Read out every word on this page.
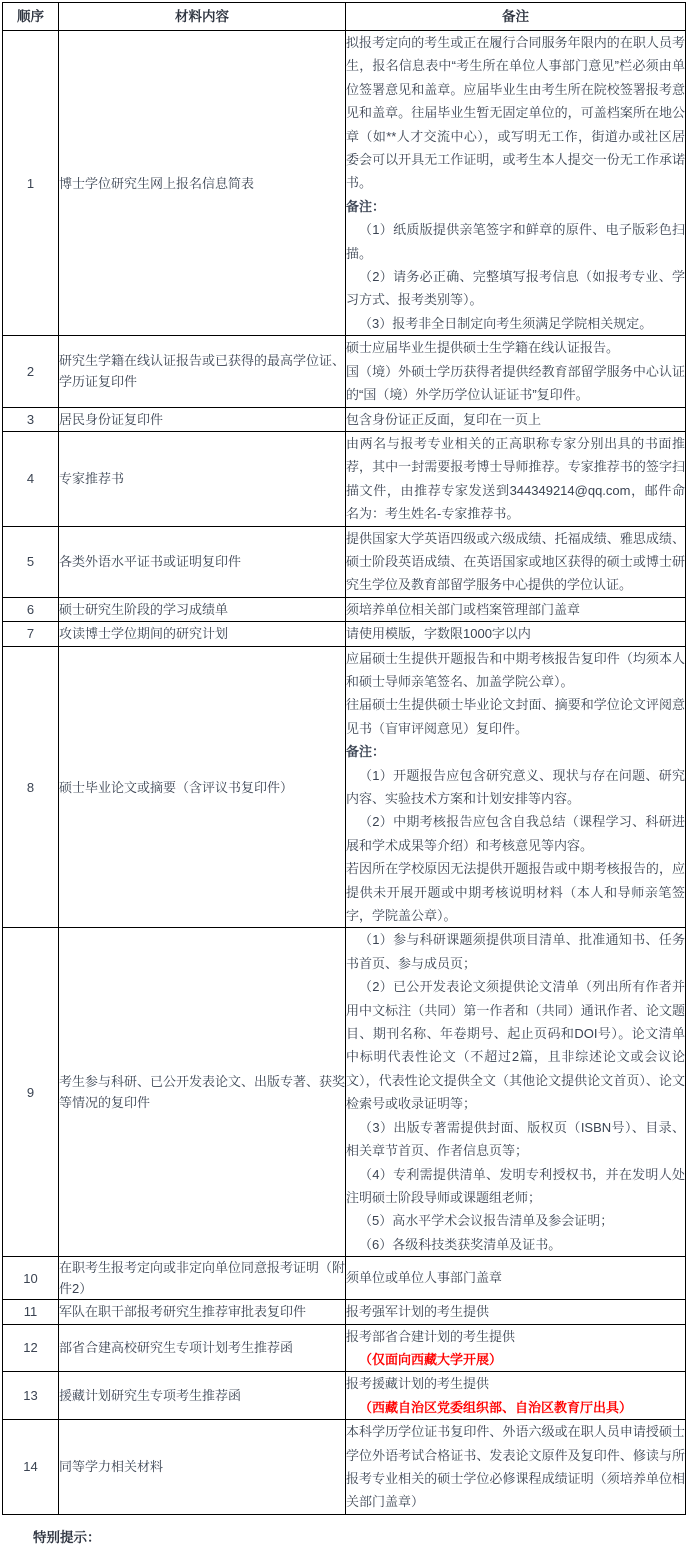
顺序	材料内容	备注
1	博士学位研究生网上报名信息简表	拟报考定向的考生或正在履行合同服务年限内的在职人员考生，报名信息表中“考生所在单位人事部门意见”栏必须由单位签署意见和盖章。应届毕业生由考生所在院校签署报考意见和盖章。往届毕业生暂无固定单位的，可盖档案所在地公章（如**人才交流中心），或写明无工作，街道办或社区居委会可以开具无工作证明，或考生本人提交一份无工作承诺书。

备注：

（1）纸质版提供亲笔签字和鲜章的原件、电子版彩色扫描。

（2）请务必正确、完整填写报考信息（如报考专业、学习方式、报考类别等）。

（3）报考非全日制定向考生须满足学院相关规定。

2	研究生学籍在线认证报告或已获得的最高学位证、学历证复印件	硕士应届毕业生提供硕士生学籍在线认证报告。

国（境）外硕士学历获得者提供经教育部留学服务中心认证的“国（境）外学历学位认证证书”复印件。

3	居民身份证复印件	包含身份证正反面，复印在一页上

4	专家推荐书	由两名与报考专业相关的正高职称专家分别出具的书面推荐，其中一封需要报考博士导师推荐。专家推荐书的签字扫描文件，由推荐专家发送到344349214@qq.com，邮件命名为：考生姓名-专家推荐书。

5	各类外语水平证书或证明复印件	提供国家大学英语四级或六级成绩、托福成绩、雅思成绩、硕士阶段英语成绩、在英语国家或地区获得的硕士或博士研究生学位及教育部留学服务中心提供的学位认证。

6	硕士研究生阶段的学习成绩单	须培养单位相关部门或档案管理部门盖章

7	攻读博士学位期间的研究计划	请使用模版，字数限1000字以内

8	硕士毕业论文或摘要（含评议书复印件）	

应届硕士生提供开题报告和中期考核报告复印件（均须本人和硕士导师亲笔签名、加盖学院公章）。

往届硕士生提供硕士毕业论文封面、摘要和学位论文评阅意见书（盲审评阅意见）复印件。

备注：

（1）开题报告应包含研究意义、现状与存在问题、研究内容、实验技术方案和计划安排等内容。

（2）中期考核报告应包含自我总结（课程学习、科研进展和学术成果等介绍）和考核意见等内容。

若因所在学校原因无法提供开题报告或中期考核报告的，应提供未开展开题或中期考核说明材料（本人和导师亲笔签字，学院盖公章）。

9	考生参与科研、已公开发表论文、出版专著、获奖等情况的复印件	

（1）参与科研课题须提供项目清单、批准通知书、任务书首页、参与成员页；

（2）已公开发表论文须提供论文清单（列出所有作者并用中文标注（共同）第一作者和（共同）通讯作者、论文题目、期刊名称、年卷期号、起止页码和DOI号）。论文清单中标明代表性论文（不超过2篇，且非综述论文或会议论文），代表性论文提供全文（其他论文提供论文首页）、论文检索号或收录证明等；

（3）出版专著需提供封面、版权页（ISBN号）、目录、相关章节首页、作者信息页等；

（4）专利需提供清单、发明专利授权书，并在发明人处注明硕士阶段导师或课题组老师；

（5）高水平学术会议报告清单及参会证明；

（6）各级科技类获奖清单及证书。

10	在职考生报考定向或非定向单位同意报考证明（附件2）	须单位或单位人事部门盖章

11	军队在职干部报考研究生推荐审批表复印件	报考强军计划的考生提供

12	部省合建高校研究生专项计划考生推荐函	报考部省合建计划的考生提供

（仅面向西藏大学开展）

13	援藏计划研究生专项考生推荐函	报考援藏计划的考生提供

（西藏自治区党委组织部、自治区教育厅出具）

14	同等学力相关材料	本科学历学位证书复印件、外语六级或在职人员申请授硕士学位外语考试合格证书、发表论文原件及复印件、修读与所报考专业相关的硕士学位必修课程成绩证明（须培养单位相关部门盖章）

特别提示：
